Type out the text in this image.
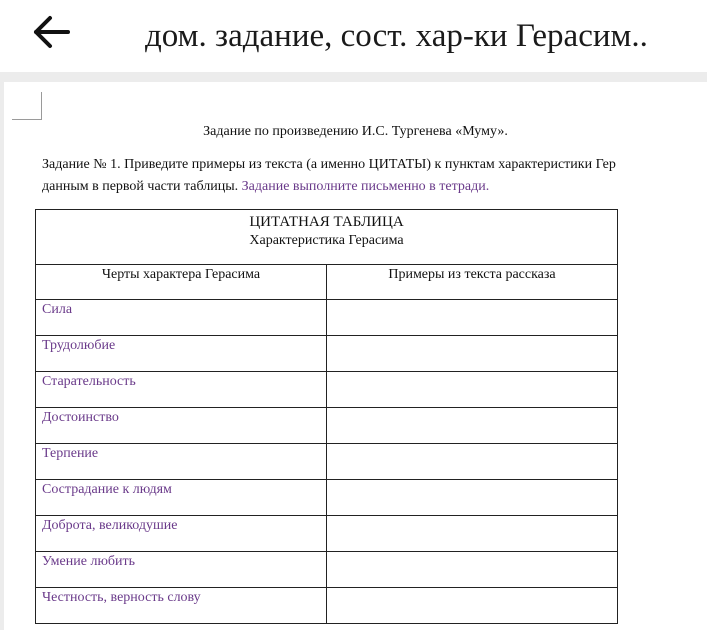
дом. задание, сост. хар-ки Герасим..
Задание по произведению И.С. Тургенева «Муму».
Задание № 1. Приведите примеры из текста (а именно ЦИТАТЫ) к пунктам характеристики Гер
данным в первой части таблицы. Задание выполните письменно в тетради.
ЦИТАТНАЯ ТАБЛИЦА
Характеристика Герасима	

Черты характера Герасима	Примеры из текста рассказа
Сила	
Трудолюбие	
Старательность	
Достоинство	
Терпение	
Сострадание к людям	
Доброта, великодушие	
Умение любить	
Честность, верность слову	
